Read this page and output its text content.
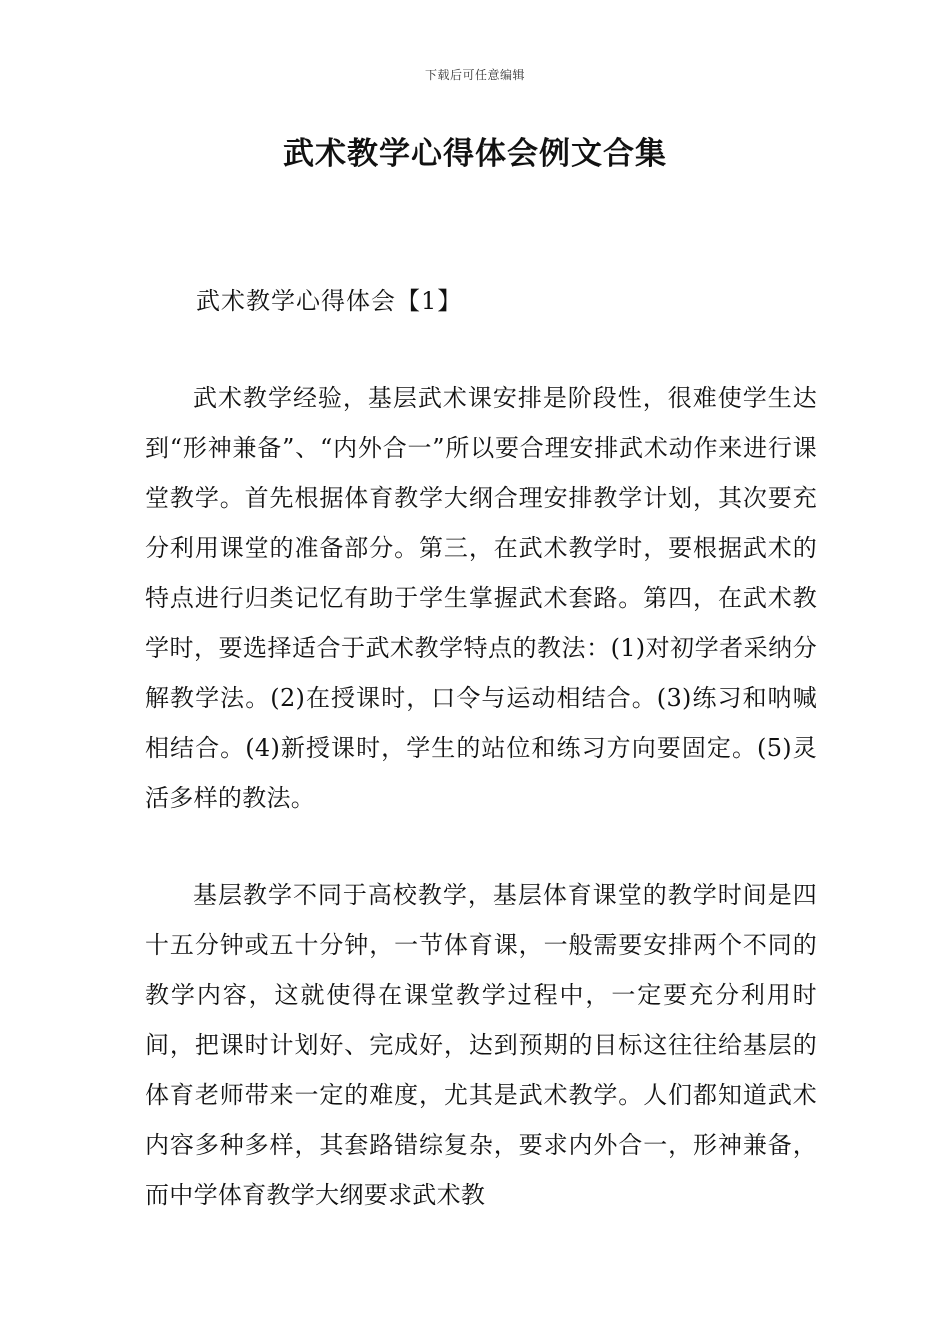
下载后可任意编辑
武术教学心得体会例文合集
武术教学心得体会【1】

武术教学经验，基层武术课安排是阶段性，很难使学生达到“形神兼备”、“内外合一”所以要合理安排武术动作来进行课堂教学。首先根据体育教学大纲合理安排教学计划，其次要充分利用课堂的准备部分。第三，在武术教学时，要根据武术的特点进行归类记忆有助于学生掌握武术套路。第四，在武术教学时，要选择适合于武术教学特点的教法：(1)对初学者采纳分解教学法。(2)在授课时，口令与运动相结合。(3)练习和呐喊相结合。(4)新授课时，学生的站位和练习方向要固定。(5)灵活多样的教法。

基层教学不同于高校教学，基层体育课堂的教学时间是四十五分钟或五十分钟，一节体育课，一般需要安排两个不同的教学内容，这就使得在课堂教学过程中，一定要充分利用时间，把课时计划好、完成好，达到预期的目标这往往给基层的体育老师带来一定的难度，尤其是武术教学。人们都知道武术内容多种多样，其套路错综复杂，要求内外合一，形神兼备，而中学体育教学大纲要求武术教
